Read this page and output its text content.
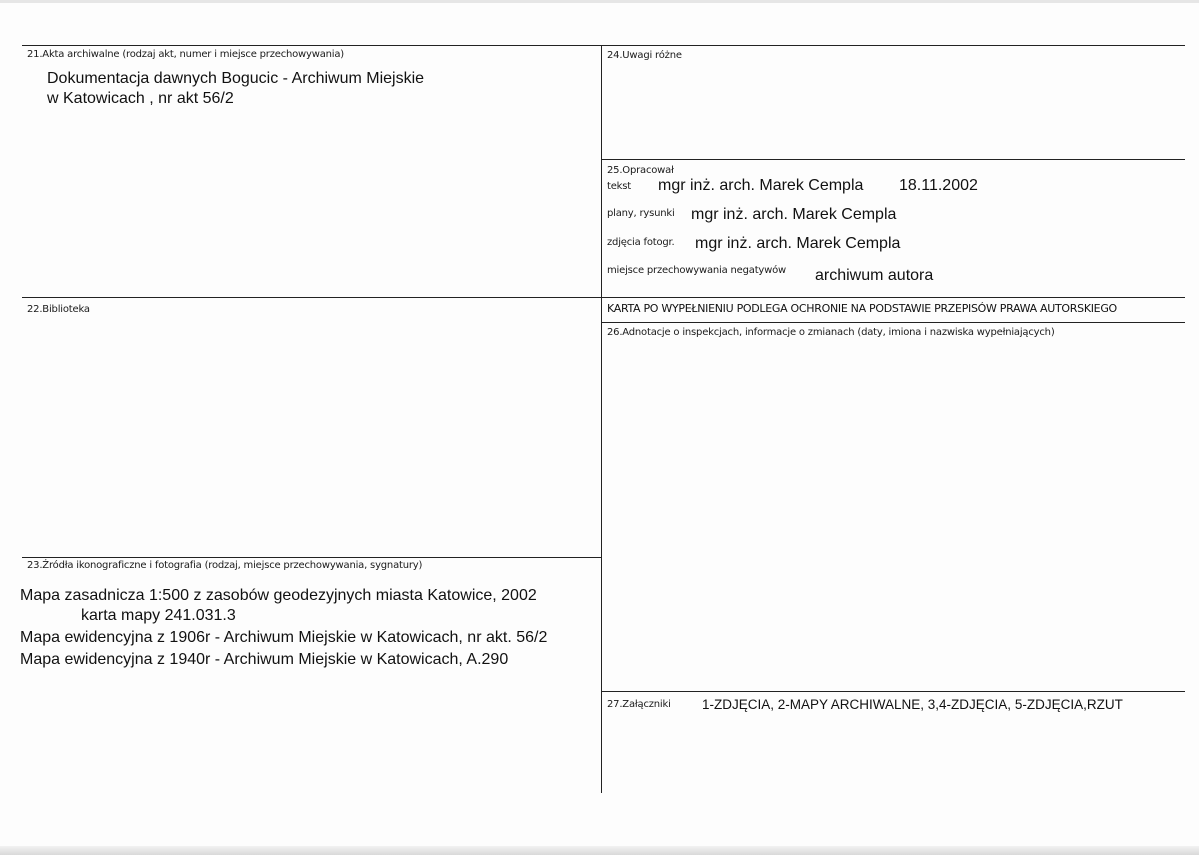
21.Akta archiwalne (rodzaj akt, numer i miejsce przechowywania)
Dokumentacja dawnych Bogucic - Archiwum Miejskie
w Katowicach , nr akt 56/2
22.Biblioteka
23.Źródła ikonograficzne i fotografia (rodzaj, miejsce przechowywania, sygnatury)
Mapa zasadnicza 1:500 z zasobów geodezyjnych miasta Katowice, 2002
karta mapy 241.031.3
Mapa ewidencyjna z 1906r - Archiwum Miejskie w Katowicach, nr akt. 56/2
Mapa ewidencyjna z 1940r - Archiwum Miejskie w Katowicach, A.290
24.Uwagi różne
25.Opracował
tekst mgr inż. arch. Marek Cempla 18.11.2002
plany, rysunki mgr inż. arch. Marek Cempla
zdjęcia fotogr. mgr inż. arch. Marek Cempla
miejsce przechowywania negatywów archiwum autora
KARTA PO WYPEŁNIENIU PODLEGA OCHRONIE NA PODSTAWIE PRZEPISÓW PRAWA AUTORSKIEGO
26.Adnotacje o inspekcjach, informacje o zmianach (daty, imiona i nazwiska wypełniających)
27.Załączniki 1-ZDJĘCIA, 2-MAPY ARCHIWALNE, 3,4-ZDJĘCIA, 5-ZDJĘCIA,RZUT
